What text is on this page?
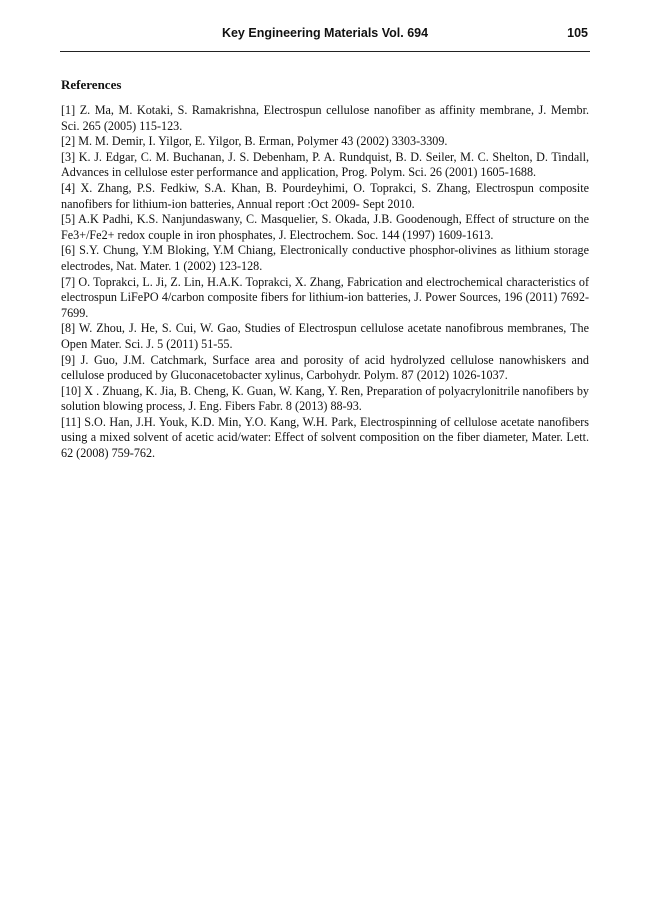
Key Engineering Materials Vol. 694	105
References

[1] Z. Ma, M. Kotaki, S. Ramakrishna, Electrospun cellulose nanofiber as affinity membrane, J. Membr. Sci. 265 (2005) 115-123.

[2] M. M. Demir, I. Yilgor, E. Yilgor, B. Erman, Polymer 43 (2002) 3303-3309.

[3] K. J. Edgar, C. M. Buchanan, J. S. Debenham, P. A. Rundquist, B. D. Seiler, M. C. Shelton, D. Tindall, Advances in cellulose ester performance and application, Prog. Polym. Sci. 26 (2001) 1605-1688.

[4] X. Zhang, P.S. Fedkiw, S.A. Khan, B. Pourdeyhimi, O. Toprakci, S. Zhang, Electrospun composite nanofibers for lithium-ion batteries, Annual report :Oct 2009- Sept 2010.

[5] A.K Padhi, K.S. Nanjundaswany, C. Masquelier, S. Okada, J.B. Goodenough, Effect of structure on the Fe3+/Fe2+ redox couple in iron phosphates, J. Electrochem. Soc. 144 (1997) 1609-1613.

[6] S.Y. Chung, Y.M Bloking, Y.M Chiang, Electronically conductive phosphor-olivines as lithium storage electrodes, Nat. Mater. 1 (2002) 123-128.

[7] O. Toprakci, L. Ji, Z. Lin, H.A.K. Toprakci, X. Zhang, Fabrication and electrochemical characteristics of electrospun LiFePO 4/carbon composite fibers for lithium-ion batteries, J. Power Sources, 196 (2011) 7692-7699.

[8] W. Zhou, J. He, S. Cui, W. Gao, Studies of Electrospun cellulose acetate nanofibrous membranes, The Open Mater. Sci. J. 5 (2011) 51-55.

[9] J. Guo, J.M. Catchmark, Surface area and porosity of acid hydrolyzed cellulose nanowhiskers and cellulose produced by Gluconacetobacter xylinus, Carbohydr. Polym. 87 (2012) 1026-1037.

[10] X . Zhuang, K. Jia, B. Cheng, K. Guan, W. Kang, Y. Ren, Preparation of polyacrylonitrile nanofibers by solution blowing process, J. Eng. Fibers Fabr. 8 (2013) 88-93.

[11] S.O. Han, J.H. Youk, K.D. Min, Y.O. Kang, W.H. Park, Electrospinning of cellulose acetate nanofibers using a mixed solvent of acetic acid/water: Effect of solvent composition on the fiber diameter, Mater. Lett. 62 (2008) 759-762.
